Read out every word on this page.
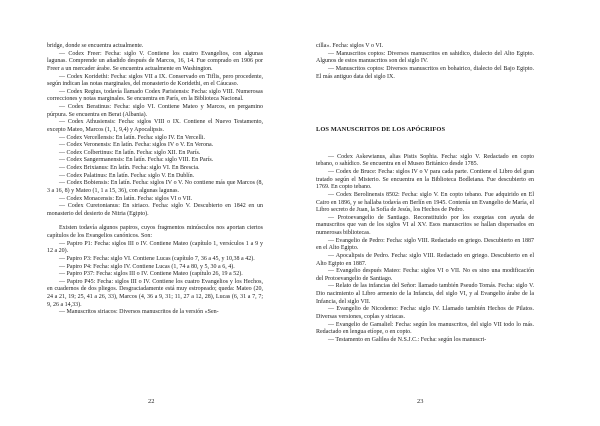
bridge, donde se encuentra actualmente.

— Codex Freer: Fecha: siglo V. Contiene los cuatro Evangelios, con algunas lagunas. Comprende un añadido después de Marcos, 16, 14. Fue comprado en 1906 por Freer a un mercader árabe. Se encuentra actualmente en Washington.

— Codex Koridethi: Fecha: siglos VII a IX. Conservado en Tiflis, pero procedente, según indican las notas marginales, del monasterio de Koridethi, en el Cáucaso.

— Codex Regius, todavía llamado Codex Parisiensis: Fecha: siglo VIII. Numerosas correcciones y notas marginales. Se encuentra en París, en la Biblioteca Nacional.

— Codex Beratinus: Fecha: siglo VI. Contiene Mateo y Marcos, en pergamino púrpura. Se encuentra en Berat (Albania).

— Codex Athusiensis: Fecha: siglos VIII o IX. Contiene el Nuevo Testamento, excepto Mateo, Marcos (1, 1, 9,4) y Apocalipsis.

— Codex Vercellensis: En latín. Fecha: siglo IV. En Vercelli.

— Codex Veronensis: En latín. Fecha: siglos IV o V. En Verona.

— Codex Colbertinus: En latín. Fecha: siglo XII. En París.

— Codex Sangermanensis: En latín. Fecha: siglo VIII. En París.

— Codex Brixianus: En latín. Fecha: siglo VI. En Brescia.

— Codex Palatinus: En latín. Fecha: siglo V. En Dublín.

— Codex Bobiensis: En latín. Fecha: siglos IV o V. No contiene más que Marcos (8, 3 a 16, 8) y Mateo (1, 1 a 15, 36), con algunas lagunas.

— Codex Monacensis: En latín. Fecha: siglos VI o VII.

— Codex Curetonianus: En siriaco. Fecha: siglo V. Descubierto en 1842 en un monasterio del desierto de Nitria (Egipto).

Existen todavía algunos papiros, cuyos fragmentos minúsculos nos aportan ciertos capítulos de los Evangelios canónicos. Son:

— Papiro P1: Fecha: siglos III o IV. Contiene Mateo (capítulo 1, versículos 1 a 9 y 12 a 20).

— Papiro P3: Fecha: siglo VI. Contiene Lucas (capítulo 7, 36 a 45, y 10,38 a 42).

— Papiro P4: Fecha: siglo IV. Contiene Lucas (1, 74 a 80, y 5, 30 a 6, 4).

— Papiro P37: Fecha: siglos III o IV. Contiene Mateo (capítulo 26, 19 a 52).

— Papiro P45: Fecha: siglos III o IV. Contiene los cuatro Evangelios y los Hechos, en cuadernos de dos pliegos. Desgraciadamente está muy estropeado; queda: Mateo (20, 24 a 21, 19; 25, 41 a 26, 33), Marcos (4, 36 a 9, 31; 11, 27 a 12, 28), Lucas (6, 31 a 7, 7; 9, 26 a 14,33).

— Manuscritos siriacos: Diversos manuscritos de la versión «Sen-

22

cilla». Fecha: siglos V o VI.

— Manuscritos coptos: Diversos manuscritos en sahidico, dialecto del Alto Egipto. Algunos de estos manuscritos son del siglo IV.

— Manuscritos coptos: Diversos manuscritos en bohairico, dialecto del Bajo Egipto. El más antiguo data del siglo IX.

LOS MANUSCRITOS DE LOS APÓCRIFOS

— Codex Askewianus, alias Pistis Sophia. Fecha: siglo V. Redactado en copto tebano, o sahídico. Se encuentra en el Museo Británico desde 1785.

— Codex de Bruce: Fecha: siglos IV o V para cada parte. Contiene el Libro del gran tratado según el Misterio. Se encuentra en la Biblioteca Bodleiana. Fue descubierto en 1769. En copto tebano.

— Codex Berolinensis 8502: Fecha: siglo V. En copto tebano. Fue adquirido en El Cairo en 1896, y se hallaba todavía en Berlín en 1945. Contenía un Evangelio de María, el Libro secreto de Juan, la Sofía de Jesús, los Hechos de Pedro.

— Protoevangelio de Santiago. Reconstituido por los exegetas con ayuda de manuscritos que van de los siglos VI al XV. Esos manuscritos se hallan dispersados en numerosas bibliotecas.

— Evangelio de Pedro: Fecha: siglo VIII. Redactado en griego. Descubierto en 1887 en el Alto Egipto.

— Apocalipsis de Pedro. Fecha: siglo VIII. Redactado en griego. Descubierto en el Alto Egipto en 1887.

— Evangelio después Mateo: Fecha: siglos VI o VII. No es sino una modificación del Protoevangelio de Santiago.

— Relato de las infancias del Señor: llamado también Pseudo Tomás. Fecha: siglo V. Dio nacimiento al Libro armenio de la Infancia, del siglo VI, y al Evangelio árabe de la Infancia, del siglo VII.

— Evangelio de Nicodemo: Fecha: siglo IV. Llamado también Hechos de Pilatos. Diversas versiones, coplas y siriacas.

— Evangelio de Gamaliel: Fecha: según los manuscritos, del siglo VII todo lo más. Redactado en lengua etíope, o en copto.

— Testamento en Galilea de N.S.J.C.: Fecha: según los manuscri-

23
